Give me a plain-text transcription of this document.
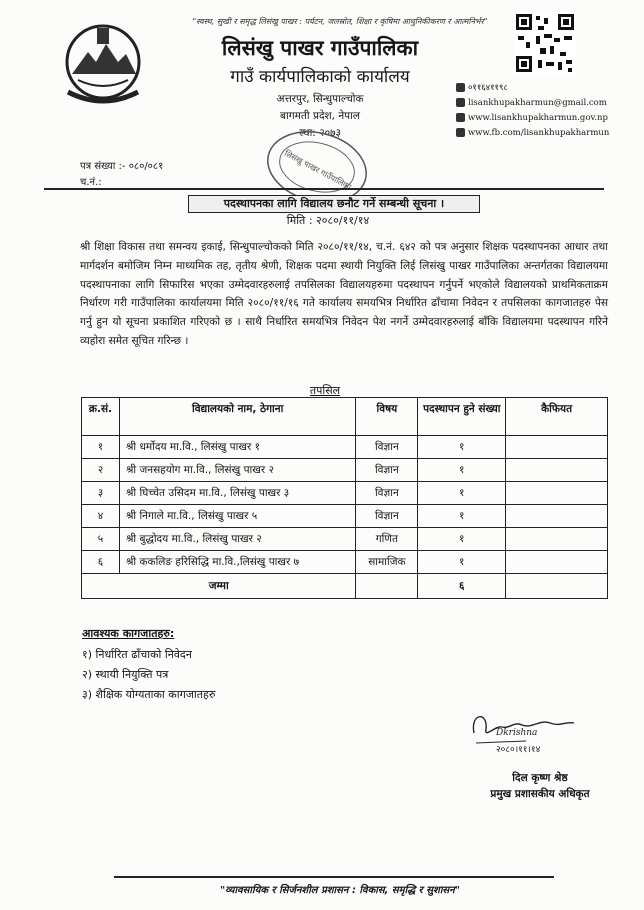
"स्वस्थ, सुखी र समृद्ध लिसंखु पाखर : पर्यटन, जलस्रोत, शिक्षा र कृषिमा आधुनिकीकरण र आत्मनिर्भर"
लिसंखु पाखर गाउँपालिका
गाउँ कार्यपालिकाको कार्यालय
अत्तरपुर, सिन्धुपाल्चोक
बागमती प्रदेश, नेपाल
स्था: २०७३
०११६४११९८
lisankhupakharmun@gmail.com
www.lisankhupakharmun.gov.np
www.fb.com/lisankhupakharmun
लिसंखु पाखर गाउँपालिका
पत्र संख्या :- ०८०/०८१
च.नं.:
पदस्थापनका लागि विद्यालय छनौट गर्ने सम्बन्धी सूचना ।
मिति : २०८०/११/१४
श्री शिक्षा विकास तथा समन्वय इकाई, सिन्धुपाल्चोकको मिति २०८०/११/१४, च.नं. ६४२ को पत्र अनुसार शिक्षक पदस्थापनका आधार तथा मार्गदर्शन बमोजिम निम्न माध्यमिक तह, तृतीय श्रेणी, शिक्षक पदमा स्थायी नियुक्ति लिई लिसंखु पाखर गाउँपालिका अन्तर्गतका विद्यालयमा पदस्थापनाका लागि सिफारिस भएका उम्मेदवारहरुलाई तपसिलका विद्यालयहरुमा पदस्थापन गर्नुपर्ने भएकोले विद्यालयको प्राथमिकताक्रम निर्धारण गरी गाउँपालिका कार्यालयमा मिति २०८०/११/१६ गते कार्यालय समयभित्र निर्धारित ढाँचामा निवेदन र तपसिलका कागजातहरु पेस गर्नु हुन यो सूचना प्रकाशित गरिएको छ । साथै निर्धारित समयभित्र निवेदन पेश नगर्ने उम्मेदवारहरुलाई बाँकि विद्यालयमा पदस्थापन गरिने व्यहोरा समेत सूचित गरिन्छ ।
तपसिल
क्र.सं.	विद्यालयको नाम, ठेगाना	विषय	पदस्थापन हुने संख्या	कैफियत
१	श्री धर्मोदय मा.वि., लिसंखु पाखर १	विज्ञान	१	
२	श्री जनसहयोग मा.वि., लिसंखु पाखर २	विज्ञान	१	
३	श्री घिच्चेत उसिदम मा.वि., लिसंखु पाखर ३	विज्ञान	१	
४	श्री निगाले मा.वि., लिसंखु पाखर ५	विज्ञान	१	
५	श्री बुद्धोदय मा.वि., लिसंखु पाखर २	गणित	१	
६	श्री ककलिङ हरिसिद्धि मा.वि.,लिसंखु पाखर ७	सामाजिक	१	
जम्मा			६	
आवश्यक कागजातहरु:
१) निर्धारित ढाँचाको निवेदन
२) स्थायी नियुक्ति पत्र
३) शैक्षिक योग्यताका कागजातहरु
Dkrishna
२०८०।११।१४
दिल कृष्ण श्रेष्ठ
प्रमुख प्रशासकीय अधिकृत
"व्यावसायिक र सिर्जनशील प्रशासन : विकास, समृद्धि र सुशासन"
